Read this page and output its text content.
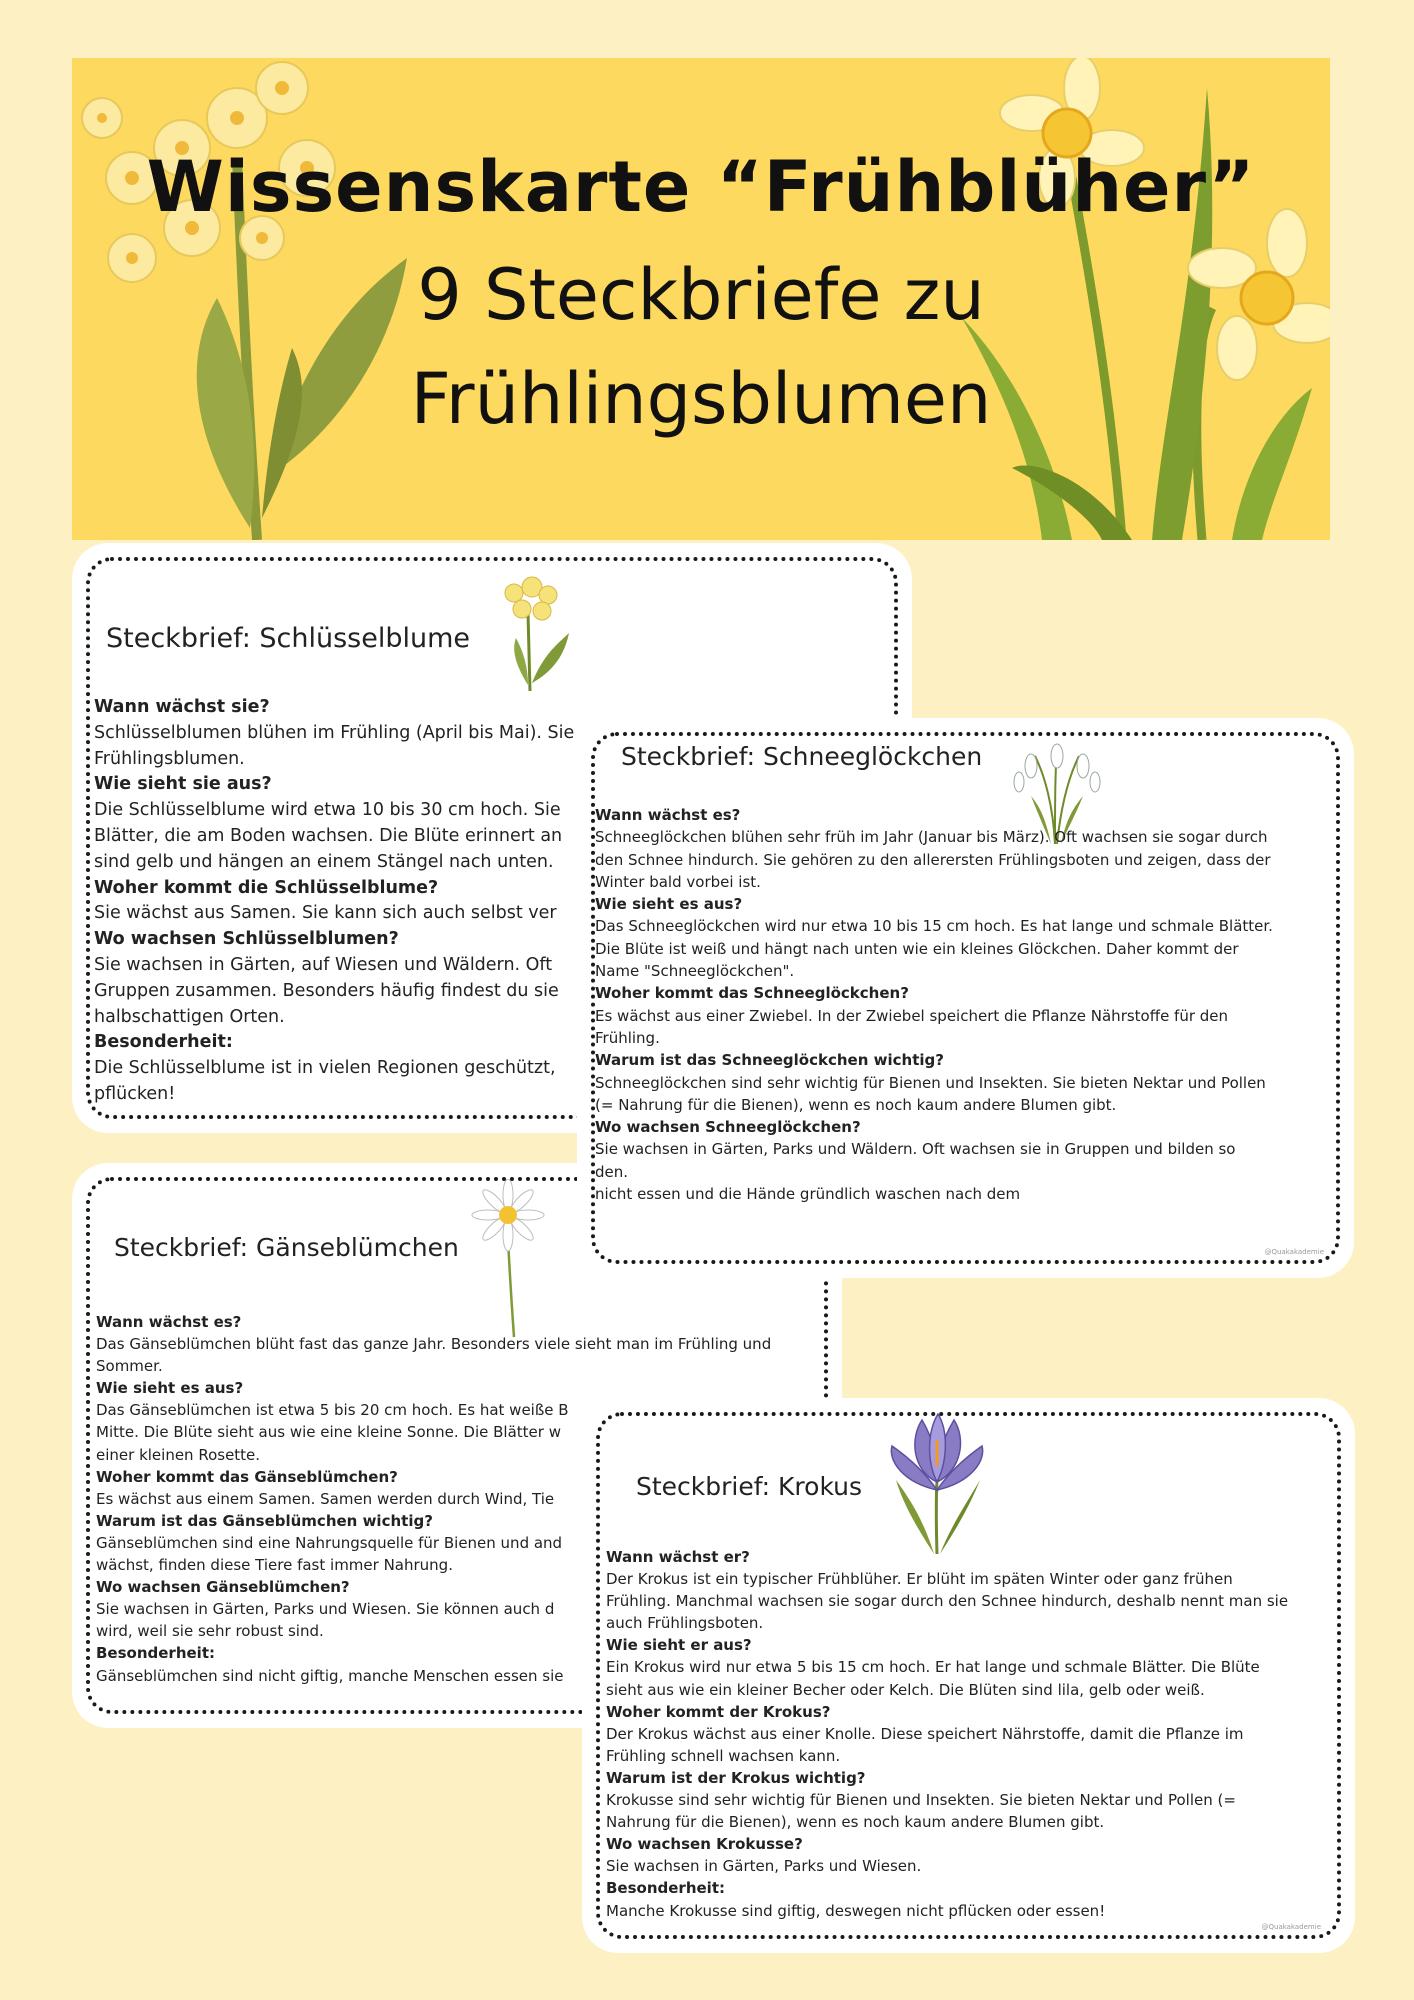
Wissenskarte “Frühblüher”
9 Steckbriefe zu
Frühlingsblumen
Steckbrief: Schlüsselblume

Wann wächst sie?

Schlüsselblumen blühen im Frühling (April bis Mai). Sie

Frühlingsblumen.

Wie sieht sie aus?

Die Schlüsselblume wird etwa 10 bis 30 cm hoch. Sie

Blätter, die am Boden wachsen. Die Blüte erinnert an

sind gelb und hängen an einem Stängel nach unten.

Woher kommt die Schlüsselblume?

Sie wächst aus Samen. Sie kann sich auch selbst ver

Wo wachsen Schlüsselblumen?

Sie wachsen in Gärten, auf Wiesen und Wäldern. Oft

Gruppen zusammen. Besonders häufig findest du sie

halbschattigen Orten.

Besonderheit:

Die Schlüsselblume ist in vielen Regionen geschützt,

pflücken!

Steckbrief: Gänseblümchen

Wann wächst es?

Das Gänseblümchen blüht fast das ganze Jahr. Besonders viele sieht man im Frühling und

Sommer.

Wie sieht es aus?

Das Gänseblümchen ist etwa 5 bis 20 cm hoch. Es hat weiße B

Mitte. Die Blüte sieht aus wie eine kleine Sonne. Die Blätter w

einer kleinen Rosette.

Woher kommt das Gänseblümchen?

Es wächst aus einem Samen. Samen werden durch Wind, Tie

Warum ist das Gänseblümchen wichtig?

Gänseblümchen sind eine Nahrungsquelle für Bienen und and

wächst, finden diese Tiere fast immer Nahrung.

Wo wachsen Gänseblümchen?

Sie wachsen in Gärten, Parks und Wiesen. Sie können auch d

wird, weil sie sehr robust sind.

Besonderheit:

Gänseblümchen sind nicht giftig, manche Menschen essen sie

Steckbrief: Schneeglöckchen

Wann wächst es?

Schneeglöckchen blühen sehr früh im Jahr (Januar bis März). Oft wachsen sie sogar durch

den Schnee hindurch. Sie gehören zu den allerersten Frühlingsboten und zeigen, dass der

Winter bald vorbei ist.

Wie sieht es aus?

Das Schneeglöckchen wird nur etwa 10 bis 15 cm hoch. Es hat lange und schmale Blätter.

Die Blüte ist weiß und hängt nach unten wie ein kleines Glöckchen. Daher kommt der

Name "Schneeglöckchen".

Woher kommt das Schneeglöckchen?

Es wächst aus einer Zwiebel. In der Zwiebel speichert die Pflanze Nährstoffe für den

Frühling.

Warum ist das Schneeglöckchen wichtig?

Schneeglöckchen sind sehr wichtig für Bienen und Insekten. Sie bieten Nektar und Pollen

(= Nahrung für die Bienen), wenn es noch kaum andere Blumen gibt.

Wo wachsen Schneeglöckchen?

Sie wachsen in Gärten, Parks und Wäldern. Oft wachsen sie in Gruppen und bilden so

den.

nicht essen und die Hände gründlich waschen nach dem

@Quakakademie
Steckbrief: Krokus

Wann wächst er?

Der Krokus ist ein typischer Frühblüher. Er blüht im späten Winter oder ganz frühen

Frühling. Manchmal wachsen sie sogar durch den Schnee hindurch, deshalb nennt man sie

auch Frühlingsboten.

Wie sieht er aus?

Ein Krokus wird nur etwa 5 bis 15 cm hoch. Er hat lange und schmale Blätter. Die Blüte

sieht aus wie ein kleiner Becher oder Kelch. Die Blüten sind lila, gelb oder weiß.

Woher kommt der Krokus?

Der Krokus wächst aus einer Knolle. Diese speichert Nährstoffe, damit die Pflanze im

Frühling schnell wachsen kann.

Warum ist der Krokus wichtig?

Krokusse sind sehr wichtig für Bienen und Insekten. Sie bieten Nektar und Pollen (=

Nahrung für die Bienen), wenn es noch kaum andere Blumen gibt.

Wo wachsen Krokusse?

Sie wachsen in Gärten, Parks und Wiesen.

Besonderheit:

Manche Krokusse sind giftig, deswegen nicht pflücken oder essen!

@Quakakademie
